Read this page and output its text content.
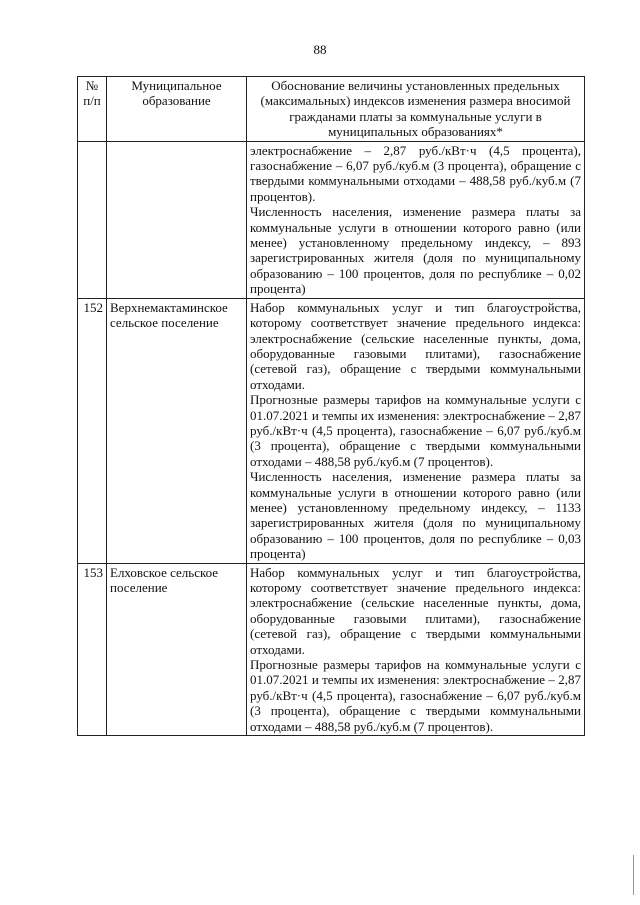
88
№ п/п	Муниципальное образование	Обоснование величины установленных предельных (максимальных) индексов изменения размера вносимой гражданами платы за коммунальные услуги в муниципальных образованиях*

		электроснабжение – 2,87 руб./кВт·ч (4,5 процента), газоснабжение – 6,07 руб./куб.м (3 процента), обращение с твердыми коммунальными отходами – 488,58 руб./куб.м (7 процентов).

Численность населения, изменение размера платы за коммунальные услуги в отношении которого равно (или менее) установленному предельному индексу, – 893 зарегистрированных жителя (доля по муниципальному образованию – 100 процентов, доля по республике – 0,02 процента)

152	Верхнемактаминское сельское поселение	Набор коммунальных услуг и тип благоустройства, которому соответствует значение предельного индекса: электроснабжение (сельские населенные пункты, дома, оборудованные газовыми плитами), газоснабжение (сетевой газ), обращение с твердыми коммунальными отходами.

Прогнозные размеры тарифов на коммунальные услуги с 01.07.2021 и темпы их изменения: электроснабжение – 2,87 руб./кВт·ч (4,5 процента), газоснабжение – 6,07 руб./куб.м (3 процента), обращение с твердыми коммунальными отходами – 488,58 руб./куб.м (7 процентов).

Численность населения, изменение размера платы за коммунальные услуги в отношении которого равно (или менее) установленному предельному индексу, – 1133 зарегистрированных жителя (доля по муниципальному образованию – 100 процентов, доля по республике – 0,03 процента)

153	Елховское сельское поселение	Набор коммунальных услуг и тип благоустройства, которому соответствует значение предельного индекса: электроснабжение (сельские населенные пункты, дома, оборудованные газовыми плитами), газоснабжение (сетевой газ), обращение с твердыми коммунальными отходами.

Прогнозные размеры тарифов на коммунальные услуги с 01.07.2021 и темпы их изменения: электроснабжение – 2,87 руб./кВт·ч (4,5 процента), газоснабжение – 6,07 руб./куб.м (3 процента), обращение с твердыми коммунальными отходами – 488,58 руб./куб.м (7 процентов).
